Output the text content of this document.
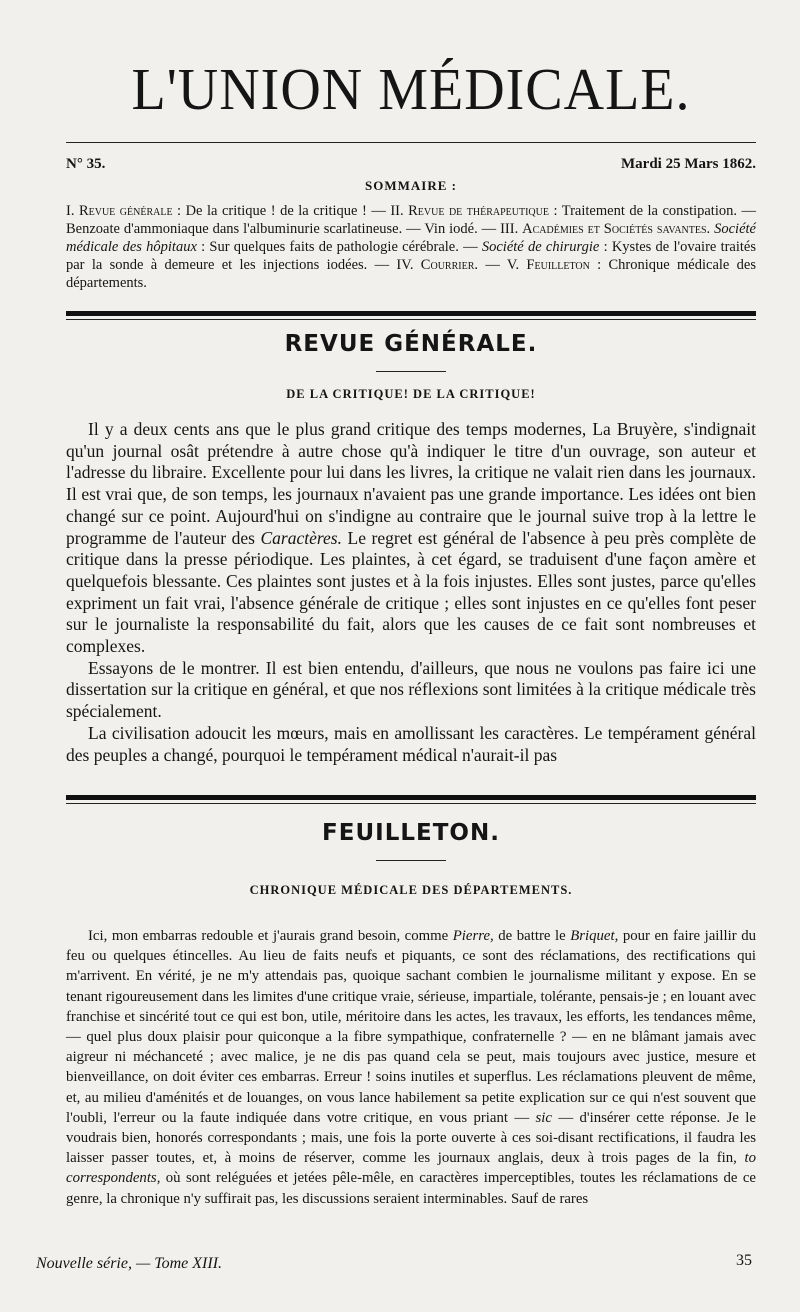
L'UNION MÉDICALE.
N° 35.	Mardi 25 Mars 1862.
SOMMAIRE :
I. Revue générale : De la critique ! de la critique ! — II. Revue de thérapeutique : Traitement de la constipation. — Benzoate d'ammoniaque dans l'albuminurie scarlatineuse. — Vin iodé. — III. Académies et Sociétés savantes. Société médicale des hôpitaux : Sur quelques faits de pathologie cérébrale. — Société de chirurgie : Kystes de l'ovaire traités par la sonde à demeure et les injections iodées. — IV. Courrier. — V. Feuilleton : Chronique médicale des départements.
REVUE GÉNÉRALE.
DE LA CRITIQUE! DE LA CRITIQUE!

Il y a deux cents ans que le plus grand critique des temps modernes, La Bruyère, s'indignait qu'un journal osât prétendre à autre chose qu'à indiquer le titre d'un ouvrage, son auteur et l'adresse du libraire. Excellente pour lui dans les livres, la critique ne valait rien dans les journaux. Il est vrai que, de son temps, les journaux n'avaient pas une grande importance. Les idées ont bien changé sur ce point. Aujourd'hui on s'indigne au contraire que le journal suive trop à la lettre le programme de l'auteur des Caractères. Le regret est général de l'absence à peu près complète de critique dans la presse périodique. Les plaintes, à cet égard, se traduisent d'une façon amère et quelquefois blessante. Ces plaintes sont justes et à la fois injustes. Elles sont justes, parce qu'elles expriment un fait vrai, l'absence générale de critique ; elles sont injustes en ce qu'elles font peser sur le journaliste la responsabilité du fait, alors que les causes de ce fait sont nombreuses et complexes.

Essayons de le montrer. Il est bien entendu, d'ailleurs, que nous ne voulons pas faire ici une dissertation sur la critique en général, et que nos réflexions sont limitées à la critique médicale très spécialement.

La civilisation adoucit les mœurs, mais en amollissant les caractères. Le tempérament général des peuples a changé, pourquoi le tempérament médical n'aurait-il pas

FEUILLETON.
CHRONIQUE MÉDICALE DES DÉPARTEMENTS.

Ici, mon embarras redouble et j'aurais grand besoin, comme Pierre, de battre le Briquet, pour en faire jaillir du feu ou quelques étincelles. Au lieu de faits neufs et piquants, ce sont des réclamations, des rectifications qui m'arrivent. En vérité, je ne m'y attendais pas, quoique sachant combien le journalisme militant y expose. En se tenant rigoureusement dans les limites d'une critique vraie, sérieuse, impartiale, tolérante, pensais-je ; en louant avec franchise et sincérité tout ce qui est bon, utile, méritoire dans les actes, les travaux, les efforts, les tendances même, — quel plus doux plaisir pour quiconque a la fibre sympathique, confraternelle ? — en ne blâmant jamais avec aigreur ni méchanceté ; avec malice, je ne dis pas quand cela se peut, mais toujours avec justice, mesure et bienveillance, on doit éviter ces embarras. Erreur ! soins inutiles et superflus. Les réclamations pleuvent de même, et, au milieu d'aménités et de louanges, on vous lance habilement sa petite explication sur ce qui n'est souvent que l'oubli, l'erreur ou la faute indiquée dans votre critique, en vous priant — sic — d'insérer cette réponse. Je le voudrais bien, honorés correspondants ; mais, une fois la porte ouverte à ces soi-disant rectifications, il faudra les laisser passer toutes, et, à moins de réserver, comme les journaux anglais, deux à trois pages de la fin, to correspondents, où sont reléguées et jetées pêle-mêle, en caractères imperceptibles, toutes les réclamations de ce genre, la chronique n'y suffirait pas, les discussions seraient interminables. Sauf de rares

Nouvelle série, — Tome XIII.	35
